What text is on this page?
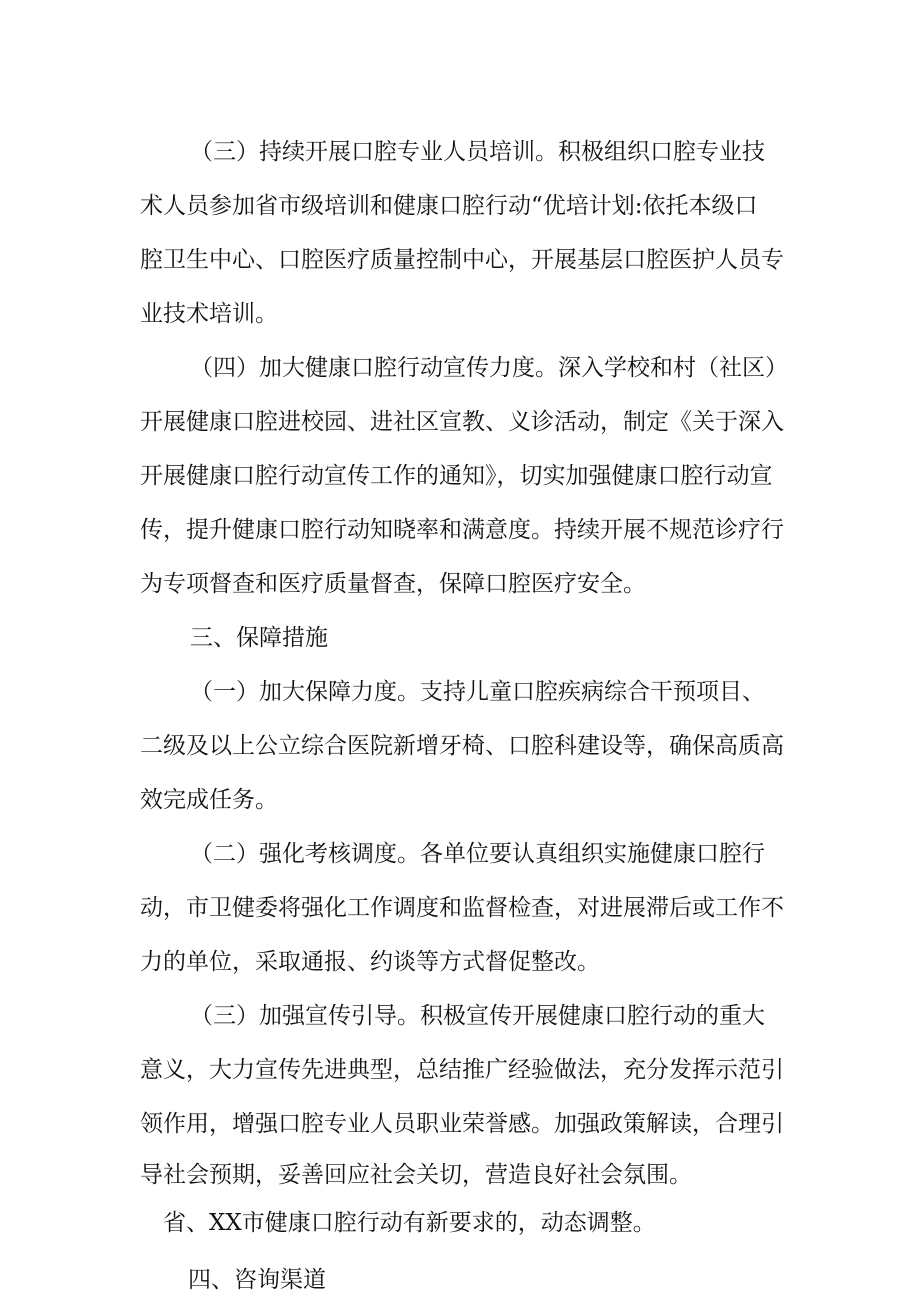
（三）持续开展口腔专业人员培训。积极组织口腔专业技
术人员参加省市级培训和健康口腔行动“优培计划:依托本级口
腔卫生中心、口腔医疗质量控制中心，开展基层口腔医护人员专
业技术培训。
（四）加大健康口腔行动宣传力度。深入学校和村（社区）
开展健康口腔进校园、进社区宣教、义诊活动，制定《关于深入
开展健康口腔行动宣传工作的通知》，切实加强健康口腔行动宣
传，提升健康口腔行动知晓率和满意度。持续开展不规范诊疗行
为专项督查和医疗质量督查，保障口腔医疗安全。
三、保障措施
（一）加大保障力度。支持儿童口腔疾病综合干预项目、
二级及以上公立综合医院新增牙椅、口腔科建设等，确保高质高
效完成任务。
（二）强化考核调度。各单位要认真组织实施健康口腔行
动，市卫健委将强化工作调度和监督检查，对进展滞后或工作不
力的单位，采取通报、约谈等方式督促整改。
（三）加强宣传引导。积极宣传开展健康口腔行动的重大
意义，大力宣传先进典型，总结推广经验做法，充分发挥示范引
领作用，增强口腔专业人员职业荣誉感。加强政策解读，合理引
导社会预期，妥善回应社会关切，营造良好社会氛围。
省、XX市健康口腔行动有新要求的，动态调整。
四、咨询渠道
